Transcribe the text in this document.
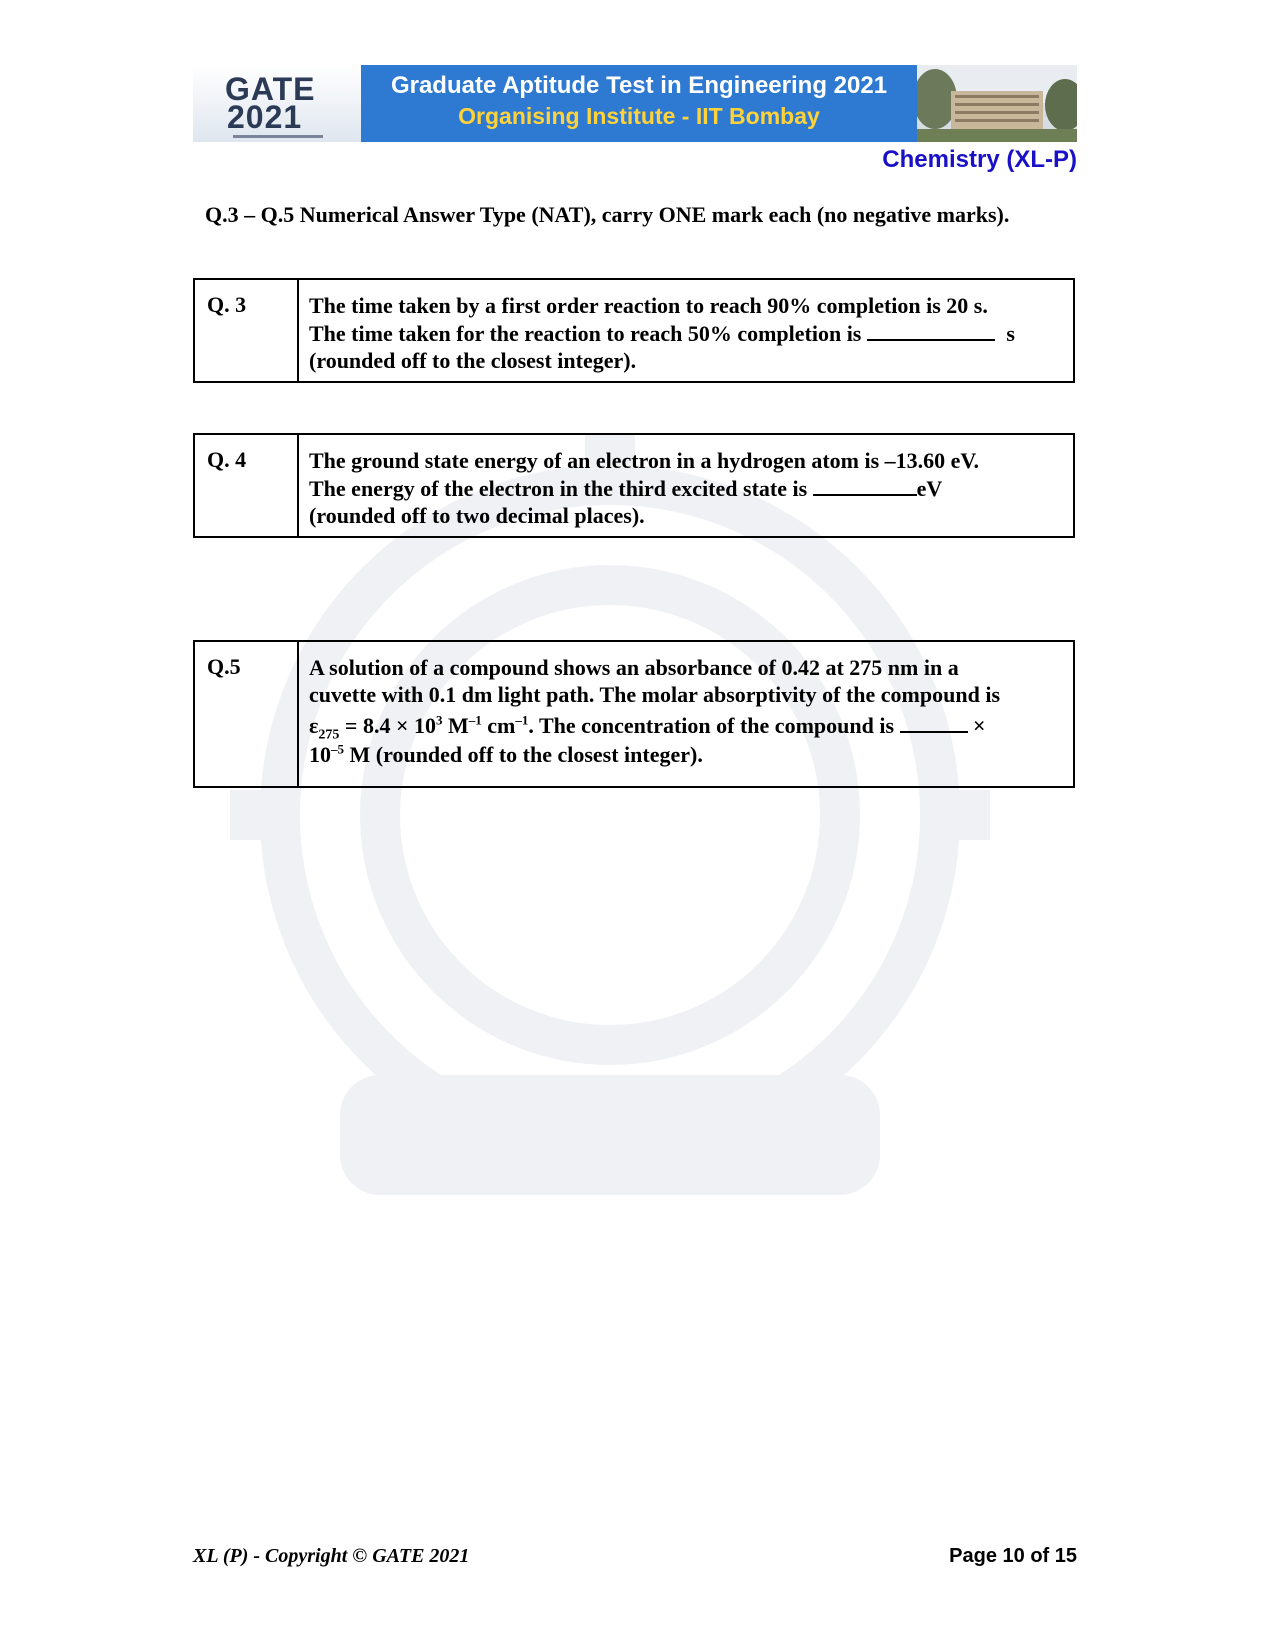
GATE
2021
Graduate Aptitude Test in Engineering 2021
Organising Institute - IIT Bombay
Chemistry (XL-P)
Q.3 – Q.5 Numerical Answer Type (NAT), carry ONE mark each (no negative marks).
Q. 3	The time taken by a first order reaction to reach 90% completion is 20 s.
The time taken for the reaction to reach 50% completion is	s
(rounded off to the closest integer).
Q. 4	The ground state energy of an electron in a hydrogen atom is –13.60 eV.
The energy of the electron in the third excited state is	eV
(rounded off to two decimal places).
Q.5	A solution of a compound shows an absorbance of 0.42 at 275 nm in a
cuvette with 0.1 dm light path. The molar absorptivity of the compound is
$\varepsilon_{275} = 8.4 \times 10^3$ $M^{-1}$ $cm^{-1}$. The concentration of the compound is	×
$10^{-5}$ M (rounded off to the closest integer).
XL (P) - Copyright © GATE 2021	Page 10 of 15
